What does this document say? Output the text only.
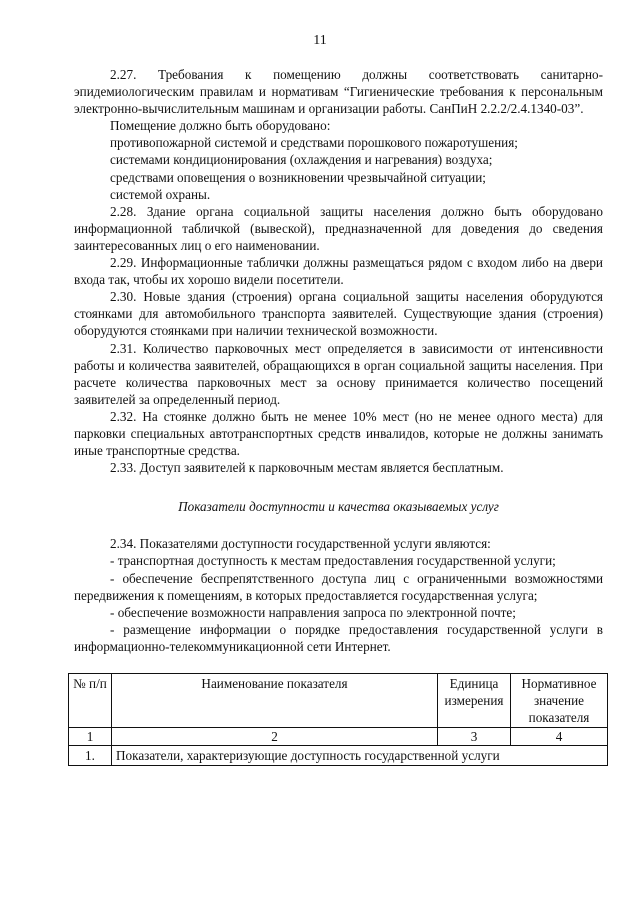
11

2.27. Требования к помещению должны соответствовать санитарно-эпидемиологическим правилам и нормативам “Гигиенические требования к персональным электронно-вычислительным машинам и организации работы. СанПиН 2.2.2/2.4.1340-03”.

Помещение должно быть оборудовано:

противопожарной системой и средствами порошкового пожаротушения;

системами кондиционирования (охлаждения и нагревания) воздуха;

средствами оповещения о возникновении чрезвычайной ситуации;

системой охраны.

2.28. Здание органа социальной защиты населения должно быть оборудовано информационной табличкой (вывеской), предназначенной для доведения до сведения заинтересованных лиц о его наименовании.

2.29. Информационные таблички должны размещаться рядом с входом либо на двери входа так, чтобы их хорошо видели посетители.

2.30. Новые здания (строения) органа социальной защиты населения оборудуются стоянками для автомобильного транспорта заявителей. Существующие здания (строения) оборудуются стоянками при наличии технической возможности.

2.31. Количество парковочных мест определяется в зависимости от интенсивности работы и количества заявителей, обращающихся в орган социальной защиты населения. При расчете количества парковочных мест за основу принимается количество посещений заявителей за определенный период.

2.32. На стоянке должно быть не менее 10% мест (но не менее одного места) для парковки специальных автотранспортных средств инвалидов, которые не должны занимать иные транспортные средства.

2.33. Доступ заявителей к парковочным местам является бесплатным.

Показатели доступности и качества оказываемых услуг

2.34. Показателями доступности государственной услуги являются:

- транспортная доступность к местам предоставления государственной услуги;

- обеспечение беспрепятственного доступа лиц с ограниченными возможностями передвижения к помещениям, в которых предоставляется государственная услуга;

- обеспечение возможности направления запроса по электронной почте;

- размещение информации о порядке предоставления государственной услуги в информационно-телекоммуникационной сети Интернет.

№ п/п	Наименование показателя	Единица измерения	Нормативное значение показателя
1	2	3	4
1.	Показатели, характеризующие доступность государственной услуги		
